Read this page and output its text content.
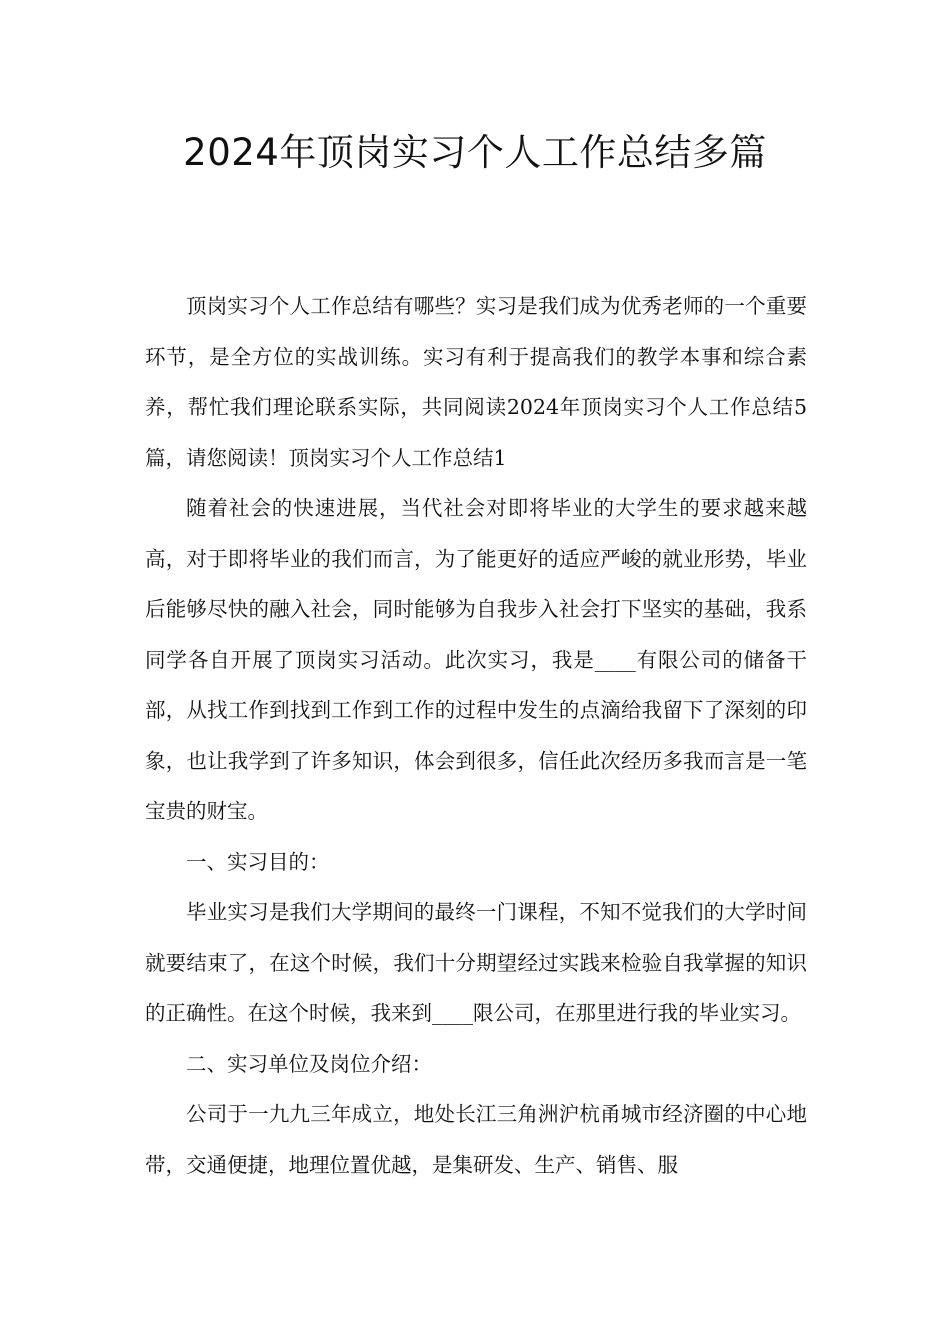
2024年顶岗实习个人工作总结多篇

顶岗实习个人工作总结有哪些？实习是我们成为优秀老师的一个重要环节，是全方位的实战训练。实习有利于提高我们的教学本事和综合素养，帮忙我们理论联系实际，共同阅读2024年顶岗实习个人工作总结5篇，请您阅读！顶岗实习个人工作总结1

随着社会的快速进展，当代社会对即将毕业的大学生的要求越来越高，对于即将毕业的我们而言，为了能更好的适应严峻的就业形势，毕业后能够尽快的融入社会，同时能够为自我步入社会打下坚实的基础，我系同学各自开展了顶岗实习活动。此次实习，我是____有限公司的储备干部，从找工作到找到工作到工作的过程中发生的点滴给我留下了深刻的印象，也让我学到了许多知识，体会到很多，信任此次经历多我而言是一笔宝贵的财宝。

一、实习目的：

毕业实习是我们大学期间的最终一门课程，不知不觉我们的大学时间就要结束了，在这个时候，我们十分期望经过实践来检验自我掌握的知识的正确性。在这个时候，我来到____限公司，在那里进行我的毕业实习。

二、实习单位及岗位介绍：

公司于一九九三年成立，地处长江三角洲沪杭甬城市经济圈的中心地带，交通便捷，地理位置优越，是集研发、生产、销售、服
